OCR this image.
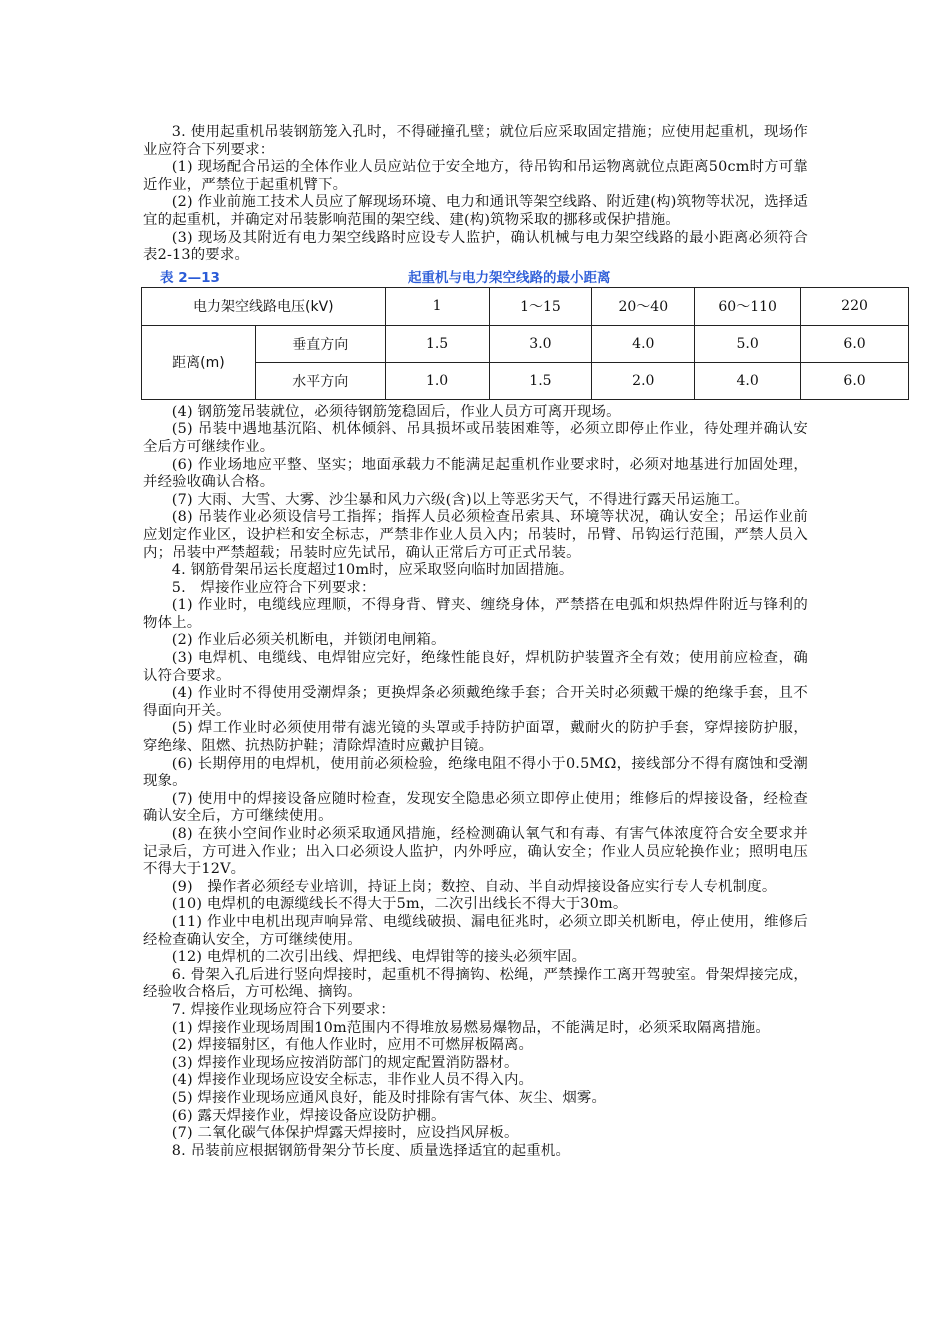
3. 使用起重机吊装钢筋笼入孔时，不得碰撞孔壁；就位后应采取固定措施；应使用起重机，现场作业应符合下列要求：

(1) 现场配合吊运的全体作业人员应站位于安全地方，待吊钩和吊运物离就位点距离50cm时方可靠近作业，严禁位于起重机臂下。

(2) 作业前施工技术人员应了解现场环境、电力和通讯等架空线路、附近建(构)筑物等状况，选择适宜的起重机，并确定对吊装影响范围的架空线、建(构)筑物采取的挪移或保护措施。

(3) 现场及其附近有电力架空线路时应设专人监护，确认机械与电力架空线路的最小距离必须符合表2-13的要求。

表 2—13	起重机与电力架空线路的最小距离
电力架空线路电压(kV)		1	1～15	20～40	60～110	220
距离(m)	垂直方向	1.5	3.0	4.0	5.0	6.0
	水平方向	1.0	1.5	2.0	4.0	6.0

(4) 钢筋笼吊装就位，必须待钢筋笼稳固后，作业人员方可离开现场。

(5) 吊装中遇地基沉陷、机体倾斜、吊具损坏或吊装困难等，必须立即停止作业，待处理并确认安全后方可继续作业。

(6) 作业场地应平整、坚实；地面承载力不能满足起重机作业要求时，必须对地基进行加固处理，并经验收确认合格。

(7) 大雨、大雪、大雾、沙尘暴和风力六级(含)以上等恶劣天气，不得进行露天吊运施工。

(8) 吊装作业必须设信号工指挥；指挥人员必须检查吊索具、环境等状况，确认安全；吊运作业前应划定作业区，设护栏和安全标志，严禁非作业人员入内；吊装时，吊臂、吊钩运行范围，严禁人员入内；吊装中严禁超载；吊装时应先试吊，确认正常后方可正式吊装。

4. 钢筋骨架吊运长度超过10m时，应采取竖向临时加固措施。

5.　焊接作业应符合下列要求：

(1) 作业时，电缆线应理顺，不得身背、臂夹、缠绕身体，严禁搭在电弧和炽热焊件附近与锋利的物体上。

(2) 作业后必须关机断电，并锁闭电闸箱。

(3) 电焊机、电缆线、电焊钳应完好，绝缘性能良好，焊机防护装置齐全有效；使用前应检查，确认符合要求。

(4) 作业时不得使用受潮焊条；更换焊条必须戴绝缘手套；合开关时必须戴干燥的绝缘手套，且不得面向开关。

(5) 焊工作业时必须使用带有滤光镜的头罩或手持防护面罩，戴耐火的防护手套，穿焊接防护服，穿绝缘、阻燃、抗热防护鞋；清除焊渣时应戴护目镜。

(6) 长期停用的电焊机，使用前必须检验，绝缘电阻不得小于0.5MΩ，接线部分不得有腐蚀和受潮现象。

(7) 使用中的焊接设备应随时检查，发现安全隐患必须立即停止使用；维修后的焊接设备，经检查确认安全后，方可继续使用。

(8) 在狭小空间作业时必须采取通风措施，经检测确认氧气和有毒、有害气体浓度符合安全要求并记录后，方可进入作业；出入口必须设人监护，内外呼应，确认安全；作业人员应轮换作业；照明电压不得大于12V。

(9)　操作者必须经专业培训，持证上岗；数控、自动、半自动焊接设备应实行专人专机制度。

(10) 电焊机的电源缆线长不得大于5m，二次引出线长不得大于30m。

(11) 作业中电机出现声响异常、电缆线破损、漏电征兆时，必须立即关机断电，停止使用，维修后经检查确认安全，方可继续使用。

(12) 电焊机的二次引出线、焊把线、电焊钳等的接头必须牢固。

6. 骨架入孔后进行竖向焊接时，起重机不得摘钩、松绳，严禁操作工离开驾驶室。骨架焊接完成，经验收合格后，方可松绳、摘钩。

7. 焊接作业现场应符合下列要求：

(1) 焊接作业现场周围10m范围内不得堆放易燃易爆物品，不能满足时，必须采取隔离措施。

(2) 焊接辐射区，有他人作业时，应用不可燃屏板隔离。

(3) 焊接作业现场应按消防部门的规定配置消防器材。

(4) 焊接作业现场应设安全标志，非作业人员不得入内。

(5) 焊接作业现场应通风良好，能及时排除有害气体、灰尘、烟雾。

(6) 露天焊接作业，焊接设备应设防护棚。

(7) 二氧化碳气体保护焊露天焊接时，应设挡风屏板。

8. 吊装前应根据钢筋骨架分节长度、质量选择适宜的起重机。
